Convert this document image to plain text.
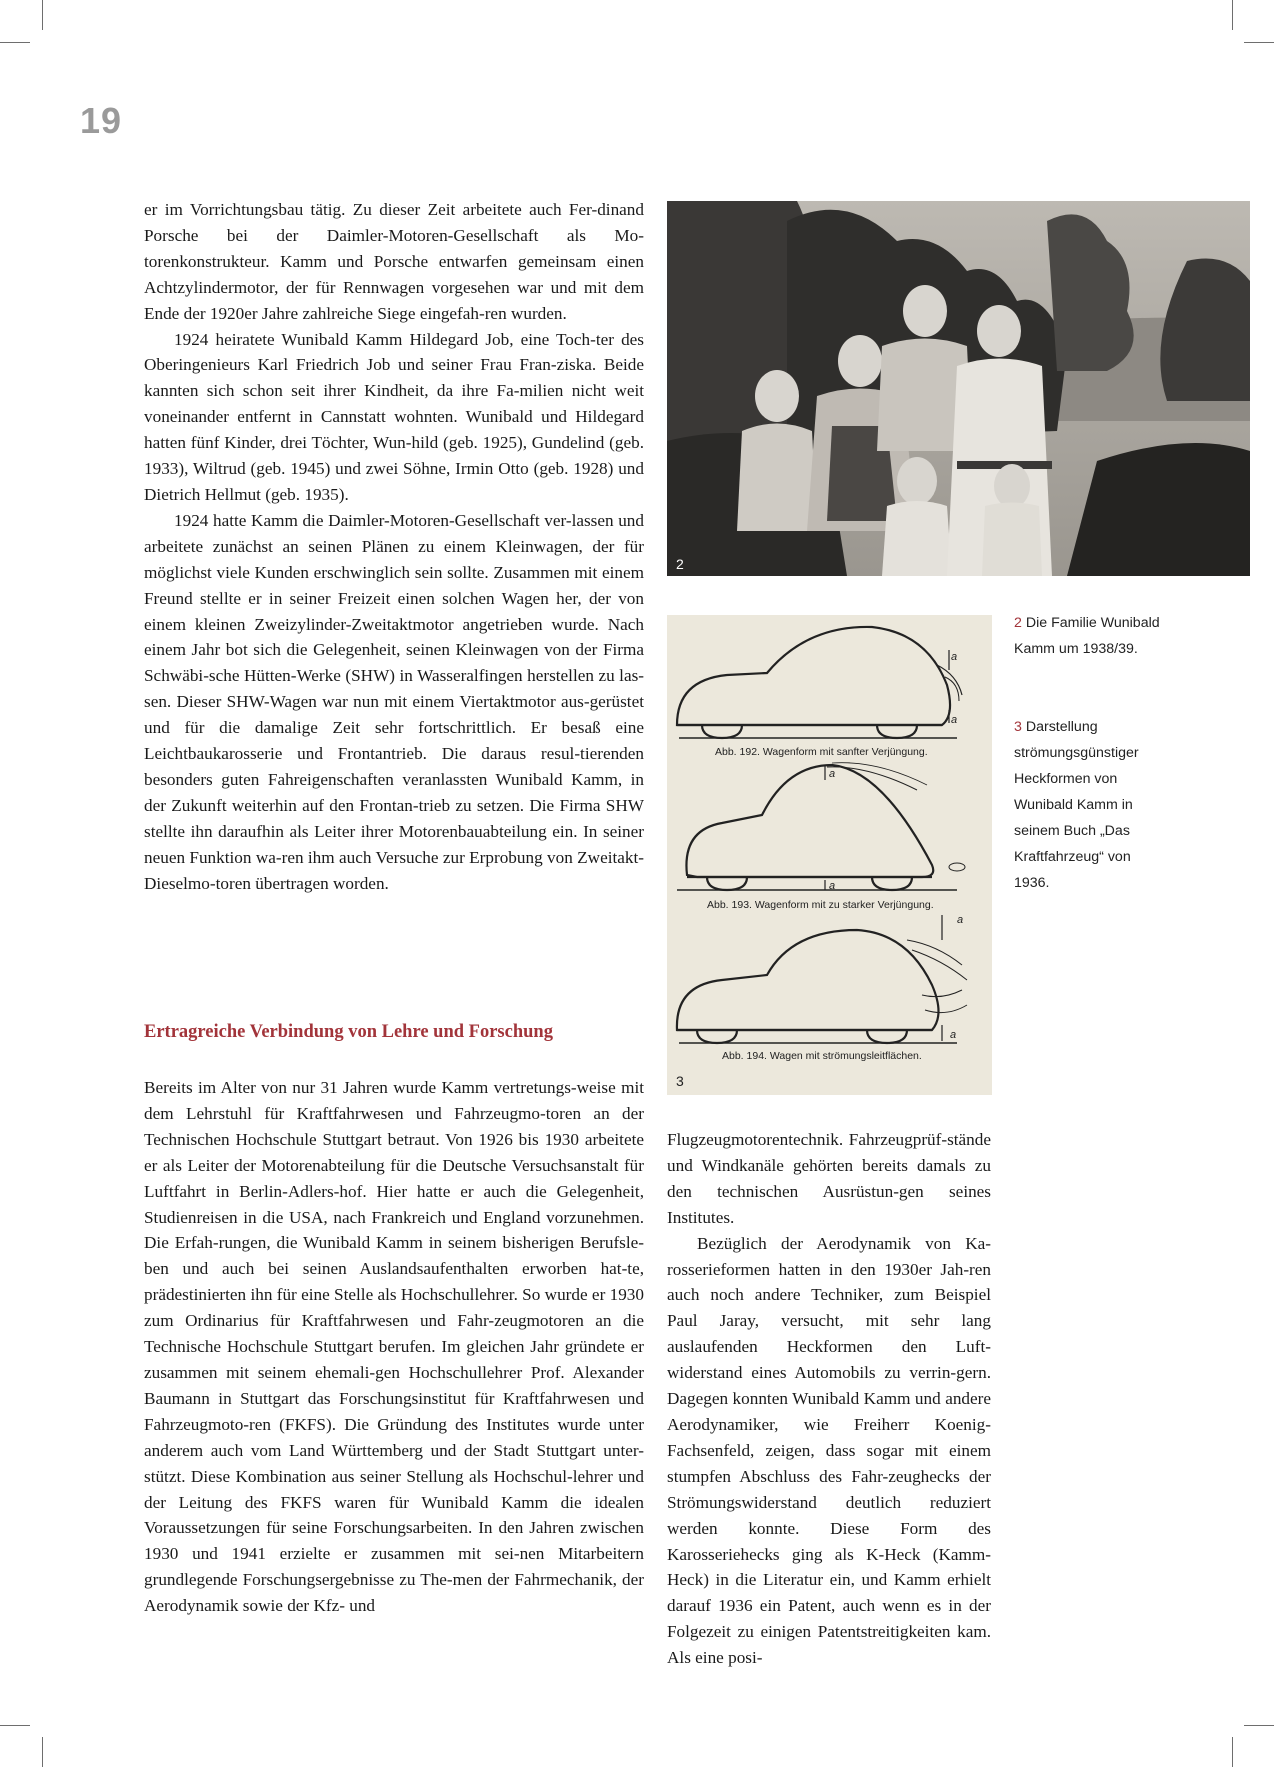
19

er im Vorrichtungsbau tätig. Zu dieser Zeit arbeitete auch Fer-dinand Porsche bei der Daimler-Motoren-Gesellschaft als Mo-torenkonstrukteur. Kamm und Porsche entwarfen gemeinsam einen Achtzylindermotor, der für Rennwagen vorgesehen war und mit dem Ende der 1920er Jahre zahlreiche Siege eingefah-ren wurden.

1924 heiratete Wunibald Kamm Hildegard Job, eine Toch-ter des Oberingenieurs Karl Friedrich Job und seiner Frau Fran-ziska. Beide kannten sich schon seit ihrer Kindheit, da ihre Fa-milien nicht weit voneinander entfernt in Cannstatt wohnten. Wunibald und Hildegard hatten fünf Kinder, drei Töchter, Wun-hild (geb. 1925), Gundelind (geb. 1933), Wiltrud (geb. 1945) und zwei Söhne, Irmin Otto (geb. 1928) und Dietrich Hellmut (geb. 1935).

1924 hatte Kamm die Daimler-Motoren-Gesellschaft ver-lassen und arbeitete zunächst an seinen Plänen zu einem Kleinwagen, der für möglichst viele Kunden erschwinglich sein sollte. Zusammen mit einem Freund stellte er in seiner Freizeit einen solchen Wagen her, der von einem kleinen Zweizylinder-Zweitaktmotor angetrieben wurde. Nach einem Jahr bot sich die Gelegenheit, seinen Kleinwagen von der Firma Schwäbi-sche Hütten-Werke (SHW) in Wasseralfingen herstellen zu las-sen. Dieser SHW-Wagen war nun mit einem Viertaktmotor aus-gerüstet und für die damalige Zeit sehr fortschrittlich. Er besaß eine Leichtbaukarosserie und Frontantrieb. Die daraus resul-tierenden besonders guten Fahreigenschaften veranlassten Wunibald Kamm, in der Zukunft weiterhin auf den Frontan-trieb zu setzen. Die Firma SHW stellte ihn daraufhin als Leiter ihrer Motorenbauabteilung ein. In seiner neuen Funktion wa-ren ihm auch Versuche zur Erprobung von Zweitakt-Dieselmo-toren übertragen worden.

Ertragreiche Verbindung von Lehre und Forschung

Bereits im Alter von nur 31 Jahren wurde Kamm vertretungs-weise mit dem Lehrstuhl für Kraftfahrwesen und Fahrzeugmo-toren an der Technischen Hochschule Stuttgart betraut. Von 1926 bis 1930 arbeitete er als Leiter der Motorenabteilung für die Deutsche Versuchsanstalt für Luftfahrt in Berlin-Adlers-hof. Hier hatte er auch die Gelegenheit, Studienreisen in die USA, nach Frankreich und England vorzunehmen. Die Erfah-rungen, die Wunibald Kamm in seinem bisherigen Berufsle-ben und auch bei seinen Auslandsaufenthalten erworben hat-te, prädestinierten ihn für eine Stelle als Hochschullehrer. So wurde er 1930 zum Ordinarius für Kraftfahrwesen und Fahr-zeugmotoren an die Technische Hochschule Stuttgart berufen. Im gleichen Jahr gründete er zusammen mit seinem ehemali-gen Hochschullehrer Prof. Alexander Baumann in Stuttgart das Forschungsinstitut für Kraftfahrwesen und Fahrzeugmoto-ren (FKFS). Die Gründung des Institutes wurde unter anderem auch vom Land Württemberg und der Stadt Stuttgart unter-stützt. Diese Kombination aus seiner Stellung als Hochschul-lehrer und der Leitung des FKFS waren für Wunibald Kamm die idealen Voraussetzungen für seine Forschungsarbeiten. In den Jahren zwischen 1930 und 1941 erzielte er zusammen mit sei-nen Mitarbeitern grundlegende Forschungsergebnisse zu The-men der Fahrmechanik, der Aerodynamik sowie der Kfz- und

Flugzeugmotorentechnik. Fahrzeugprüf-stände und Windkanäle gehörten bereits damals zu den technischen Ausrüstun-gen seines Institutes.

Bezüglich der Aerodynamik von Ka-rosserieformen hatten in den 1930er Jah-ren auch noch andere Techniker, zum Beispiel Paul Jaray, versucht, mit sehr lang auslaufenden Heckformen den Luft-widerstand eines Automobils zu verrin-gern. Dagegen konnten Wunibald Kamm und andere Aerodynamiker, wie Freiherr Koenig-Fachsenfeld, zeigen, dass sogar mit einem stumpfen Abschluss des Fahr-zeughecks der Strömungswiderstand deutlich reduziert werden konnte. Diese Form des Karosseriehecks ging als K-Heck (Kamm-Heck) in die Literatur ein, und Kamm erhielt darauf 1936 ein Patent, auch wenn es in der Folgezeit zu einigen Patentstreitigkeiten kam. Als eine posi-

2
a
a
a
a
a
a
Abb. 192. Wagenform mit sanfter Verjüngung.
Abb. 193. Wagenform mit zu starker Verjüngung.
Abb. 194. Wagen mit strömungsleitflächen.
3
2 Die Familie Wunibald Kamm um 1938/39.
3 Darstellung strömungsgünstiger Heckformen von Wunibald Kamm in seinem Buch „Das Kraftfahrzeug“ von 1936.
